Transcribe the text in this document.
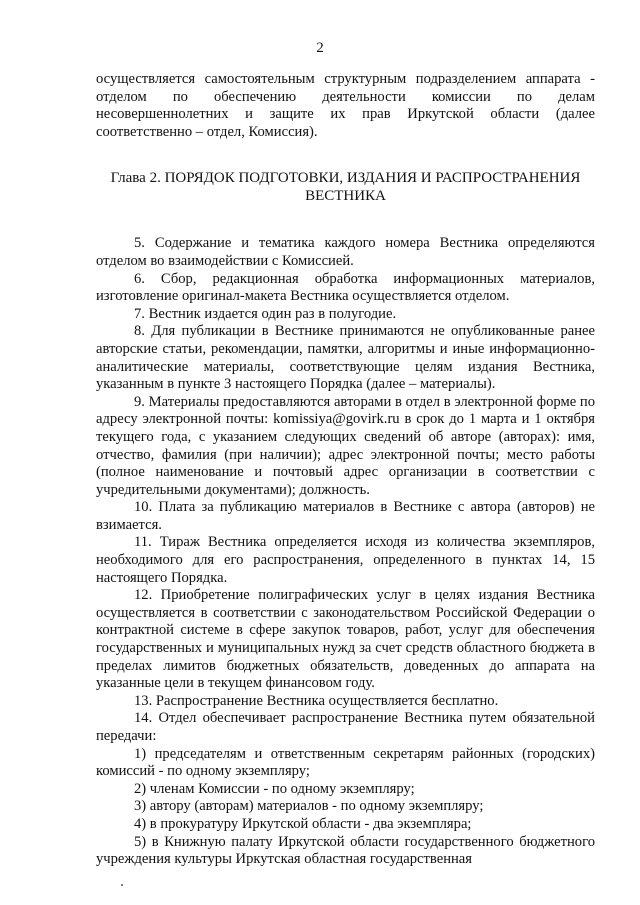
2

осуществляется самостоятельным структурным подразделением аппарата - отделом по обеспечению деятельности комиссии по делам несовершеннолетних и защите их прав Иркутской области (далее соответственно – отдел, Комиссия).

Глава 2. ПОРЯДОК ПОДГОТОВКИ, ИЗДАНИЯ И РАСПРОСТРАНЕНИЯ ВЕСТНИКА

5. Содержание и тематика каждого номера Вестника определяются отделом во взаимодействии с Комиссией.

6. Сбор, редакционная обработка информационных материалов, изготовление оригинал-макета Вестника осуществляется отделом.

7. Вестник издается один раз в полугодие.

8. Для публикации в Вестнике принимаются не опубликованные ранее авторские статьи, рекомендации, памятки, алгоритмы и иные информационно-аналитические материалы, соответствующие целям издания Вестника, указанным в пункте 3 настоящего Порядка (далее – материалы).

9. Материалы предоставляются авторами в отдел в электронной форме по адресу электронной почты: komissiya@govirk.ru в срок до 1 марта и 1 октября текущего года, с указанием следующих сведений об авторе (авторах): имя, отчество, фамилия (при наличии); адрес электронной почты; место работы (полное наименование и почтовый адрес организации в соответствии с учредительными документами); должность.

10. Плата за публикацию материалов в Вестнике с автора (авторов) не взимается.

11. Тираж Вестника определяется исходя из количества экземпляров, необходимого для его распространения, определенного в пунктах 14, 15 настоящего Порядка.

12. Приобретение полиграфических услуг в целях издания Вестника осуществляется в соответствии с законодательством Российской Федерации о контрактной системе в сфере закупок товаров, работ, услуг для обеспечения государственных и муниципальных нужд за счет средств областного бюджета в пределах лимитов бюджетных обязательств, доведенных до аппарата на указанные цели в текущем финансовом году.

13. Распространение Вестника осуществляется бесплатно.

14. Отдел обеспечивает распространение Вестника путем обязательной передачи:

1) председателям и ответственным секретарям районных (городских) комиссий - по одному экземпляру;

2) членам Комиссии - по одному экземпляру;

3) автору (авторам) материалов - по одному экземпляру;

4) в прокуратуру Иркутской области - два экземпляра;

5) в Книжную палату Иркутской области государственного бюджетного учреждения культуры Иркутская областная государственная
